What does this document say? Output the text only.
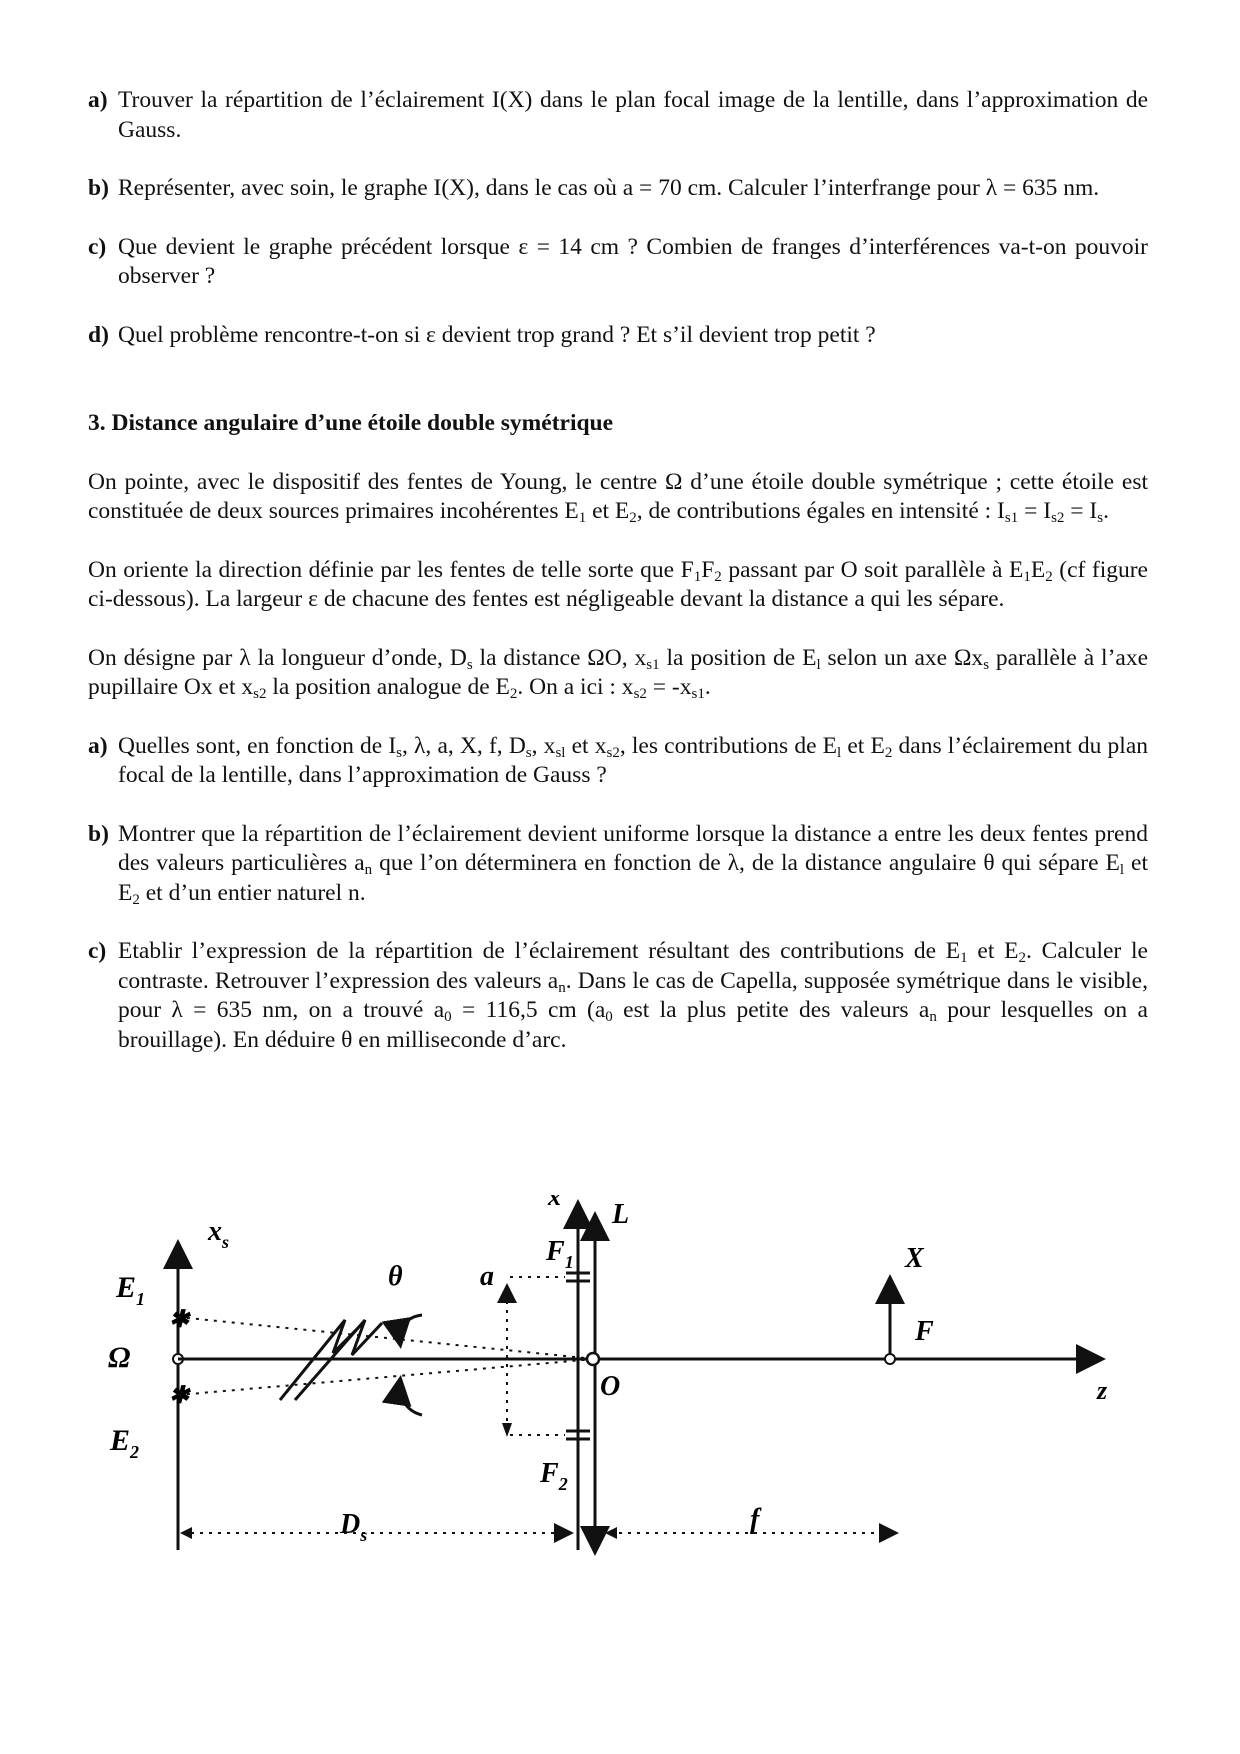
a) Trouver la répartition de l’éclairement I(X) dans le plan focal image de la lentille, dans l’approximation de Gauss.
b) Représenter, avec soin, le graphe I(X), dans le cas où a = 70 cm. Calculer l’interfrange pour λ = 635 nm.
c) Que devient le graphe précédent lorsque ε = 14 cm ? Combien de franges d’interférences va-t-on pouvoir observer ?
d) Quel problème rencontre-t-on si ε devient trop grand ? Et s’il devient trop petit ?
3. Distance angulaire d’une étoile double symétrique
On pointe, avec le dispositif des fentes de Young, le centre Ω d’une étoile double symétrique ; cette étoile est constituée de deux sources primaires incohérentes $E_1$ et $E_2$, de contributions égales en intensité : $I_{s1} = I_{s2} = I_s$.
On oriente la direction définie par les fentes de telle sorte que $F_1F_2$ passant par O soit parallèle à $E_1E_2$ (cf figure ci-dessous). La largeur ε de chacune des fentes est négligeable devant la distance a qui les sépare.
On désigne par λ la longueur d’onde, $D_s$ la distance ΩO, $x_{s1}$ la position de $E_l$ selon un axe $\Omega x_s$ parallèle à l’axe pupillaire Ox et $x_{s2}$ la position analogue de $E_2$. On a ici : $x_{s2} = -x_{s1}$.
a) Quelles sont, en fonction de $I_s$, λ, a, X, f, $D_s$, $x_{sl}$ et $x_{s2}$, les contributions de $E_l$ et $E_2$ dans l’éclairement du plan focal de la lentille, dans l’approximation de Gauss ?
b) Montrer que la répartition de l’éclairement devient uniforme lorsque la distance a entre les deux fentes prend des valeurs particulières $a_n$ que l’on déterminera en fonction de λ, de la distance angulaire θ qui sépare $E_l$ et $E_2$ et d’un entier naturel n.
c) Etablir l’expression de la répartition de l’éclairement résultant des contributions de $E_1$ et $E_2$. Calculer le contraste. Retrouver l’expression des valeurs $a_n$. Dans le cas de Capella, supposée symétrique dans le visible, pour λ = 635 nm, on a trouvé $a_0 = 116,5$ cm ($a_0$ est la plus petite des valeurs $a_n$ pour lesquelles on a brouillage). En déduire θ en milliseconde d’arc.
$x_s$
$E_1$
Ω
$E_2$
✱
✱	z
θ
x
$F_1$
$F_2$
L
O
a
X
F
$D_s$	f
